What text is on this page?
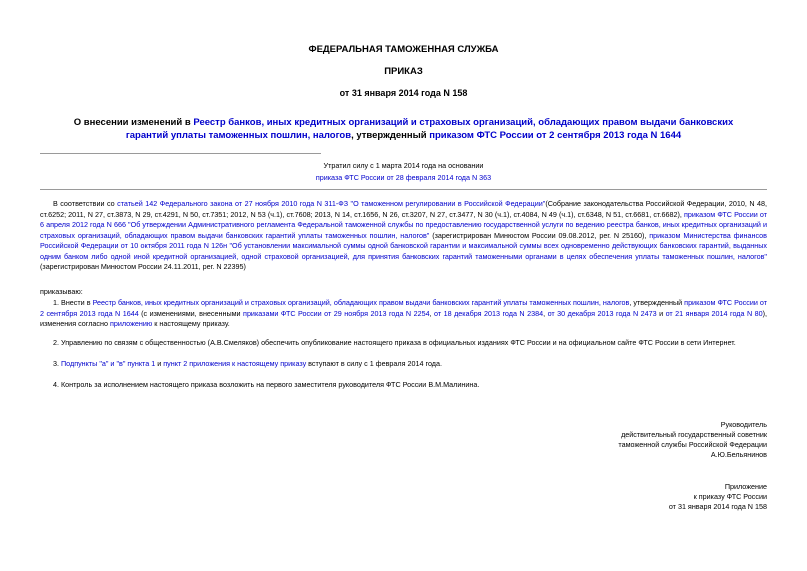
ФЕДЕРАЛЬНАЯ ТАМОЖЕННАЯ СЛУЖБА
ПРИКАЗ
от 31 января 2014 года N 158
О внесении изменений в Реестр банков, иных кредитных организаций и страховых организаций, обладающих правом выдачи банковских гарантий уплаты таможенных пошлин, налогов, утвержденный приказом ФТС России от 2 сентября 2013 года N 1644
Утратил силу с 1 марта 2014 года на основании
приказа ФТС России от 28 февраля 2014 года N 363
В соответствии со статьей 142 Федерального закона от 27 ноября 2010 года N 311-ФЗ "О таможенном регулировании в Российской Федерации"(Собрание законодательства Российской Федерации, 2010, N 48, ст.6252; 2011, N 27, ст.3873, N 29, ст.4291, N 50, ст.7351; 2012, N 53 (ч.1), ст.7608; 2013, N 14, ст.1656, N 26, ст.3207, N 27, ст.3477, N 30 (ч.1), ст.4084, N 49 (ч.1), ст.6348, N 51, ст.6681, ст.6682), приказом ФТС России от 6 апреля 2012 года N 666 "Об утверждении Административного регламента Федеральной таможенной службы по предоставлению государственной услуги по ведению реестра банков, иных кредитных организаций и страховых организаций, обладающих правом выдачи банковских гарантий уплаты таможенных пошлин, налогов" (зарегистрирован Минюстом России 09.08.2012, рег. N 25160), приказом Министерства финансов Российской Федерации от 10 октября 2011 года N 126н "Об установлении максимальной суммы одной банковской гарантии и максимальной суммы всех одновременно действующих банковских гарантий, выданных одним банком либо одной иной кредитной организацией, одной страховой организацией, для принятия банковских гарантий таможенными органами в целях обеспечения уплаты таможенных пошлин, налогов" (зарегистрирован Минюстом России 24.11.2011, рег. N 22395)
приказываю:
1. Внести в Реестр банков, иных кредитных организаций и страховых организаций, обладающих правом выдачи банковских гарантий уплаты таможенных пошлин, налогов, утвержденный приказом ФТС России от 2 сентября 2013 года N 1644 (с изменениями, внесенными приказами ФТС России от 29 ноября 2013 года N 2254, от 18 декабря 2013 года N 2384, от 30 декабря 2013 года N 2473 и от 21 января 2014 года N 80), изменения согласно приложению к настоящему приказу.
2. Управлению по связям с общественностью (А.В.Смеляков) обеспечить опубликование настоящего приказа в официальных изданиях ФТС России и на официальном сайте ФТС России в сети Интернет.
3. Подпункты "а" и "в" пункта 1 и пункт 2 приложения к настоящему приказу вступают в силу с 1 февраля 2014 года.
4. Контроль за исполнением настоящего приказа возложить на первого заместителя руководителя ФТС России В.М.Малинина.
Руководитель
действительный государственный советник
таможенной службы Российской Федерации
А.Ю.Бельянинов
Приложение
к приказу ФТС России
от 31 января 2014 года N 158
